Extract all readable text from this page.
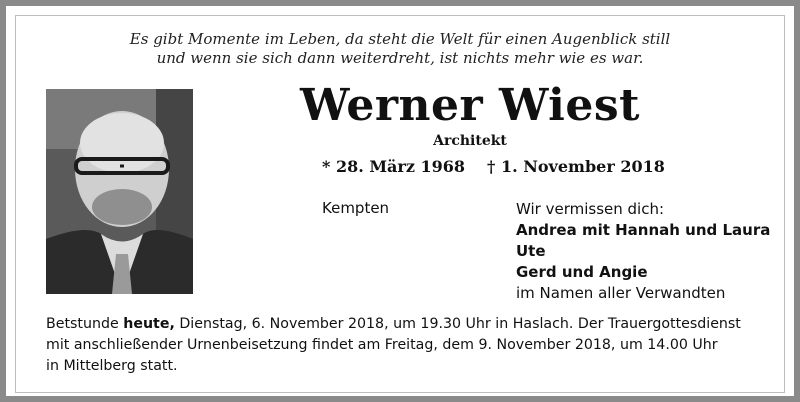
Es gibt Momente im Leben, da steht die Welt für einen Augenblick still
und wenn sie sich dann weiterdreht, ist nichts mehr wie es war.
Werner Wiest
Architekt
* 28. März 1968 † 1. November 2018
Kempten	Wir vermissen dich:
Andrea mit Hannah und Laura
Ute
Gerd und Angie
im Namen aller Verwandten
Betstunde heute, Dienstag, 6. November 2018, um 19.30 Uhr in Haslach. Der Trauergottesdienst
mit anschließender Urnenbeisetzung findet am Freitag, dem 9. November 2018, um 14.00 Uhr
in Mittelberg statt.
